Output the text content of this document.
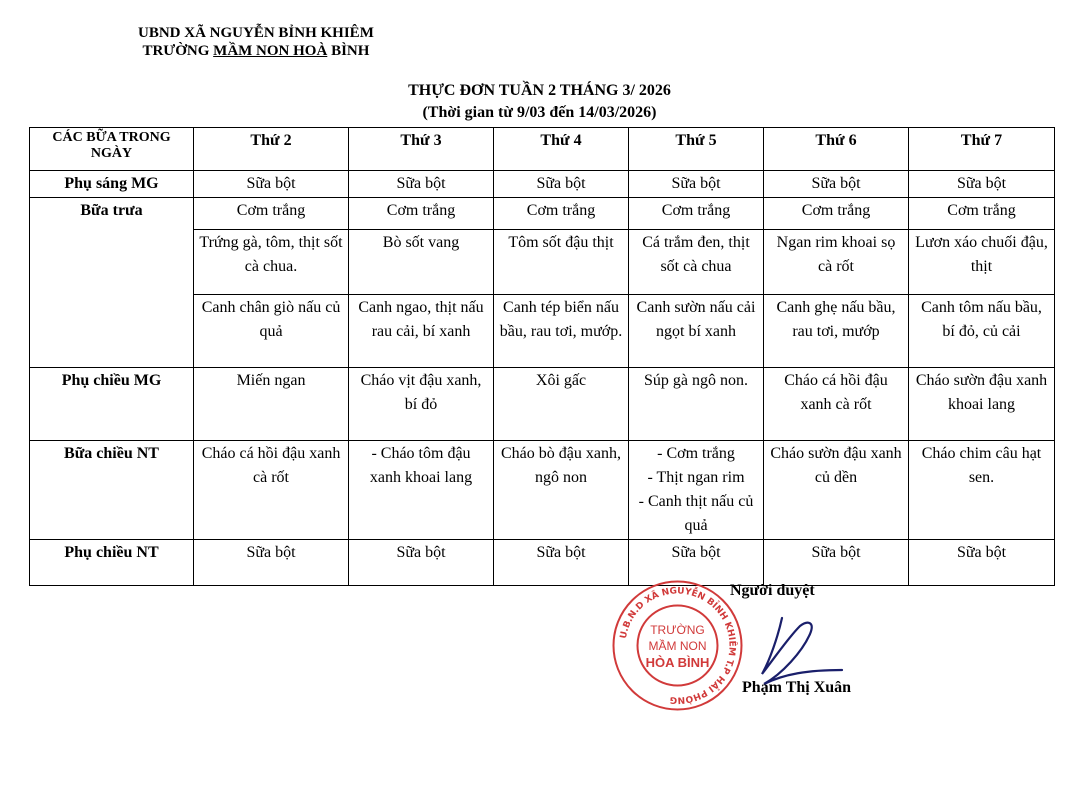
UBND XÃ NGUYỄN BỈNH KHIÊM
TRƯỜNG MẦM NON HOÀ BÌNH
THỰC ĐƠN TUẦN 2 THÁNG 3/ 2026
(Thời gian từ 9/03 đến 14/03/2026)
CÁC BỮA TRONG NGÀY	Thứ 2	Thứ 3	Thứ 4	Thứ 5	Thứ 6	Thứ 7
Phụ sáng MG	Sữa bột	Sữa bột	Sữa bột	Sữa bột	Sữa bột	Sữa bột
Bữa trưa	Cơm trắng	Cơm trắng	Cơm trắng	Cơm trắng	Cơm trắng	Cơm trắng
	Trứng gà, tôm, thịt sốt cà chua.	Bò sốt vang	Tôm sốt đậu thịt	Cá trắm đen, thịt sốt cà chua	Ngan rim khoai sọ cà rốt	Lươn xáo chuối đậu, thịt
	Canh chân giò nấu củ quả	Canh ngao, thịt nấu rau cải, bí xanh	Canh tép biển nấu bầu, rau tơi, mướp.	Canh sườn nấu cải ngọt bí xanh	Canh ghẹ nấu bầu, rau tơi, mướp	Canh tôm nấu bầu, bí đỏ, củ cải
Phụ chiều MG	Miến ngan	Cháo vịt đậu xanh, bí đỏ	Xôi gấc	Súp gà ngô non.	Cháo cá hồi đậu xanh cà rốt	Cháo sườn đậu xanh khoai lang
Bữa chiều NT	Cháo cá hồi đậu xanh cà rốt	- Cháo tôm đậu xanh khoai lang	Cháo bò đậu xanh, ngô non	- Cơm trắng
- Thịt ngan rim
- Canh thịt nấu củ quả	Cháo sườn đậu xanh củ dền	Cháo chim câu hạt sen.
Phụ chiều NT	Sữa bột	Sữa bột	Sữa bột	Sữa bột	Sữa bột	Sữa bột
Người duyệt
U.B.N.D XÃ NGUYỄN BỈNH KHIÊM T.P HẢI PHÒNG
TRƯỜNG
MẦM NON
HÒA BÌNH
Phạm Thị Xuân
